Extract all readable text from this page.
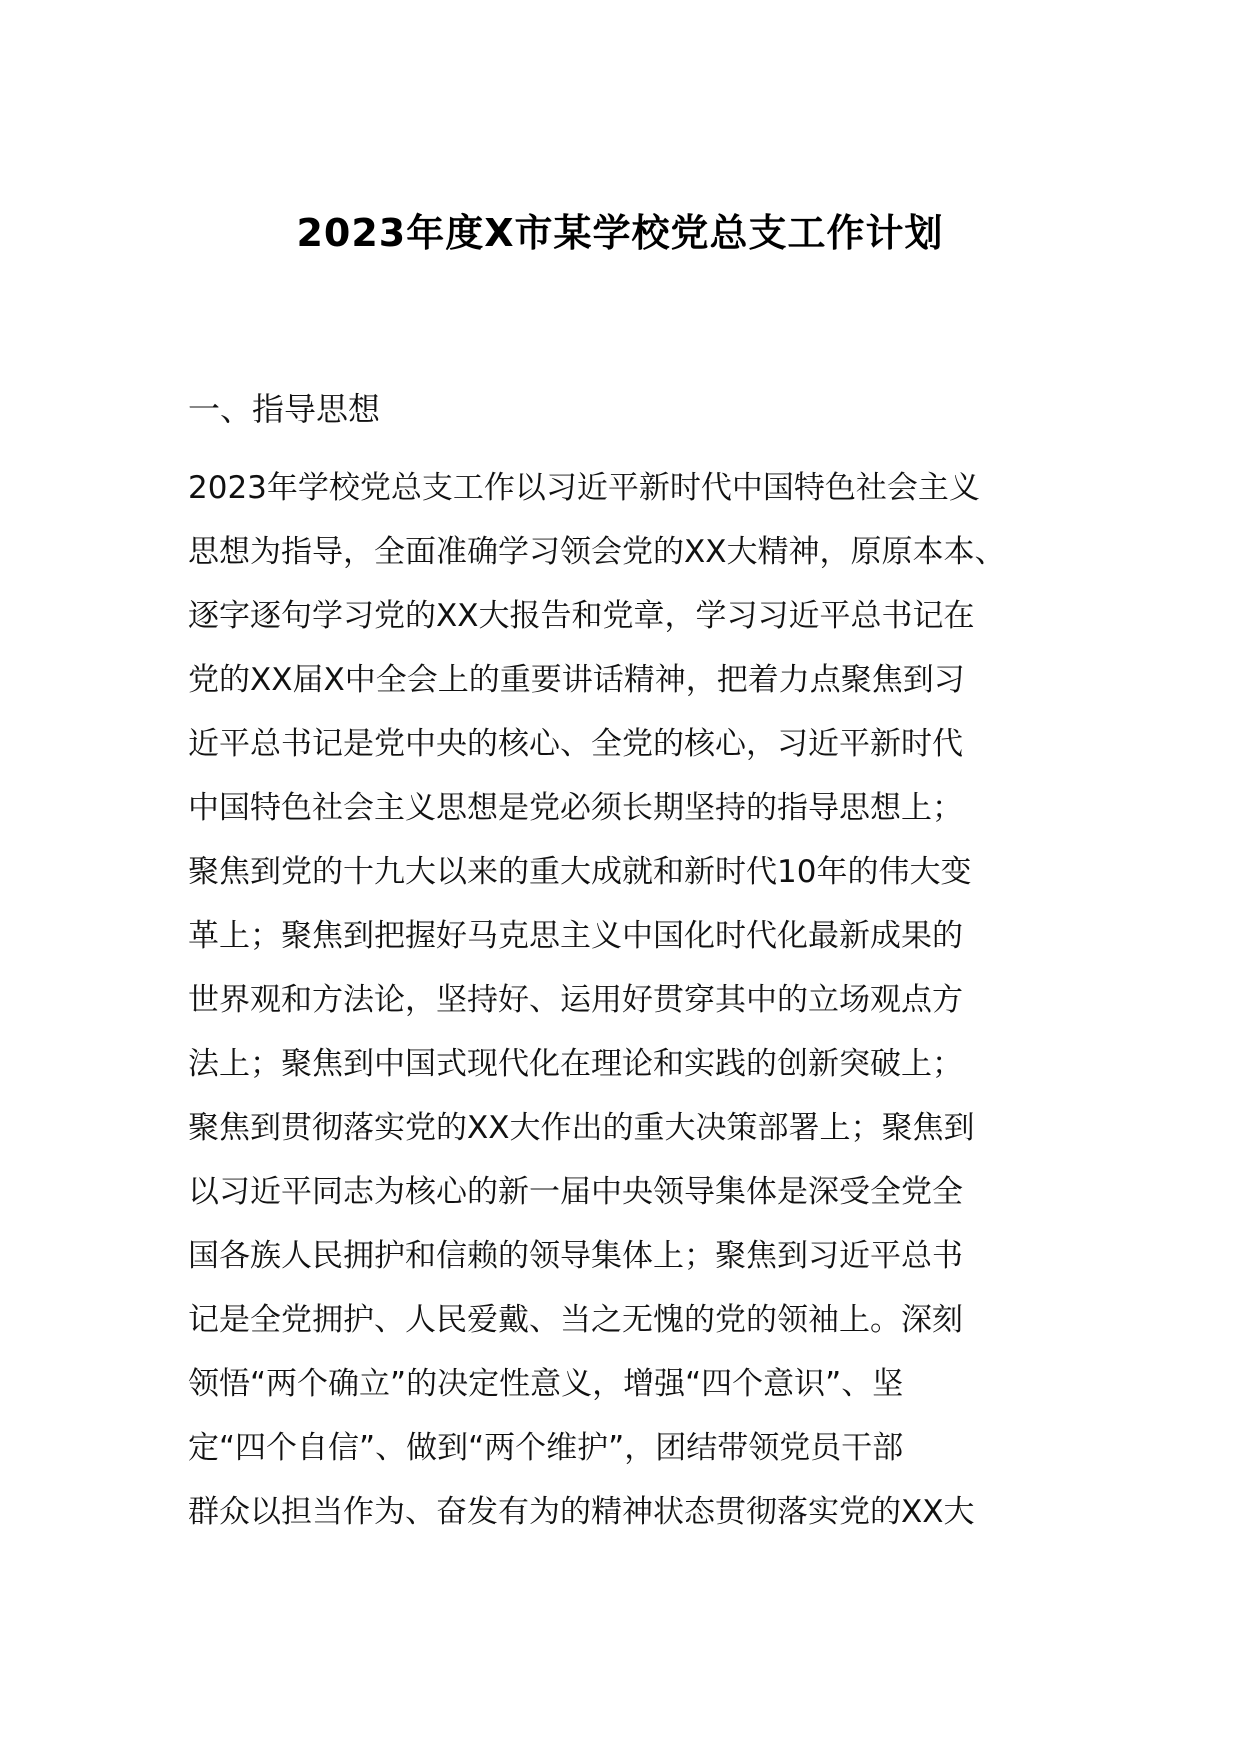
2023年度X市某学校党总支工作计划
一、指导思想
2023年学校党总支工作以习近平新时代中国特色社会主义
思想为指导，全面准确学习领会党的XX大精神，原原本本、
逐字逐句学习党的XX大报告和党章，学习习近平总书记在
党的XX届X中全会上的重要讲话精神，把着力点聚焦到习
近平总书记是党中央的核心、全党的核心，习近平新时代
中国特色社会主义思想是党必须长期坚持的指导思想上；
聚焦到党的十九大以来的重大成就和新时代10年的伟大变
革上；聚焦到把握好马克思主义中国化时代化最新成果的
世界观和方法论，坚持好、运用好贯穿其中的立场观点方
法上；聚焦到中国式现代化在理论和实践的创新突破上；
聚焦到贯彻落实党的XX大作出的重大决策部署上；聚焦到
以习近平同志为核心的新一届中央领导集体是深受全党全
国各族人民拥护和信赖的领导集体上；聚焦到习近平总书
记是全党拥护、人民爱戴、当之无愧的党的领袖上。深刻
领悟“两个确立”的决定性意义，增强“四个意识”、坚
定“四个自信”、做到“两个维护”，团结带领党员干部
群众以担当作为、奋发有为的精神状态贯彻落实党的XX大
